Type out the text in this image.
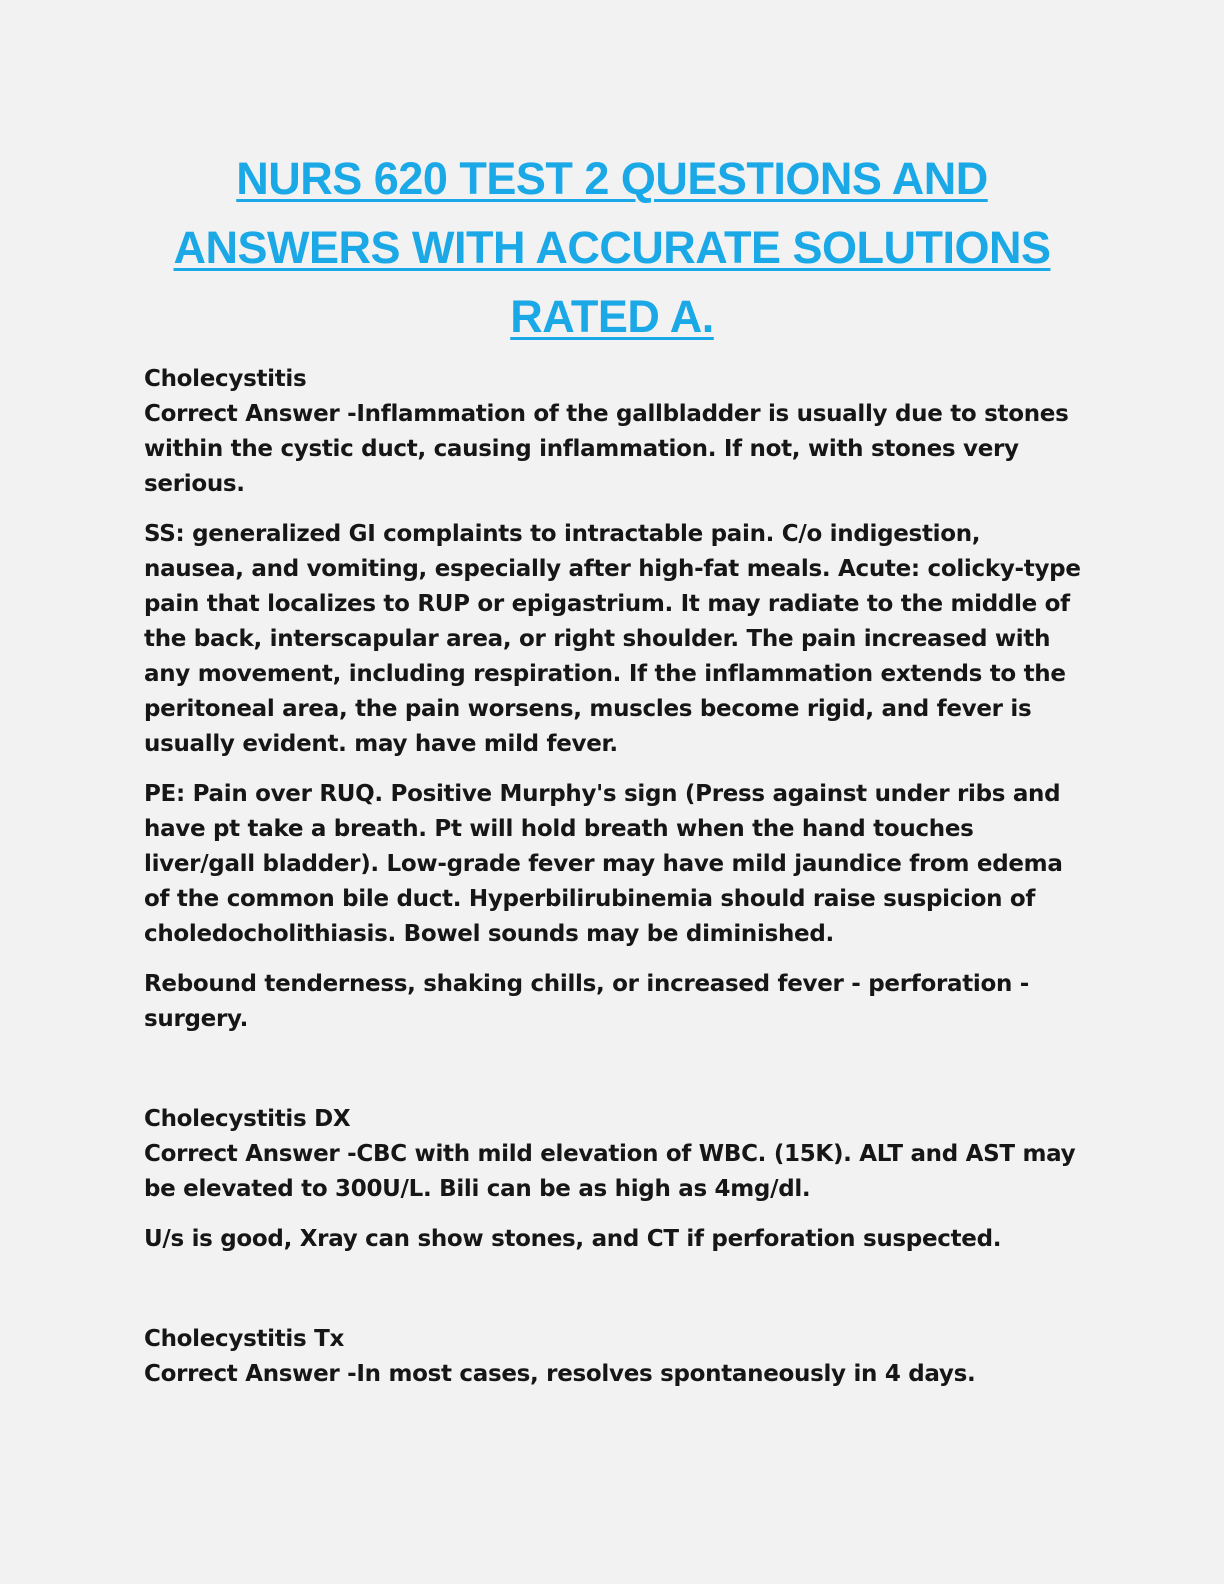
NURS 620 TEST 2 QUESTIONS AND
ANSWERS WITH ACCURATE SOLUTIONS
RATED A.
Cholecystitis

Correct Answer -Inflammation of the gallbladder is usually due to stones within the cystic duct, causing inflammation. If not, with stones very serious.

SS: generalized GI complaints to intractable pain. C/o indigestion, nausea, and vomiting, especially after high-fat meals. Acute: colicky-type pain that localizes to RUP or epigastrium. It may radiate to the middle of the back, interscapular area, or right shoulder. The pain increased with any movement, including respiration. If the inflammation extends to the peritoneal area, the pain worsens, muscles become rigid, and fever is usually evident. may have mild fever.

PE: Pain over RUQ. Positive Murphy's sign (Press against under ribs and have pt take a breath. Pt will hold breath when the hand touches liver/gall bladder). Low-grade fever may have mild jaundice from edema of the common bile duct. Hyperbilirubinemia should raise suspicion of choledocholithiasis. Bowel sounds may be diminished.

Rebound tenderness, shaking chills, or increased fever - perforation - surgery.

Cholecystitis DX

Correct Answer -CBC with mild elevation of WBC. (15K). ALT and AST may be elevated to 300U/L. Bili can be as high as 4mg/dl.

U/s is good, Xray can show stones, and CT if perforation suspected.

Cholecystitis Tx

Correct Answer -In most cases, resolves spontaneously in 4 days.
